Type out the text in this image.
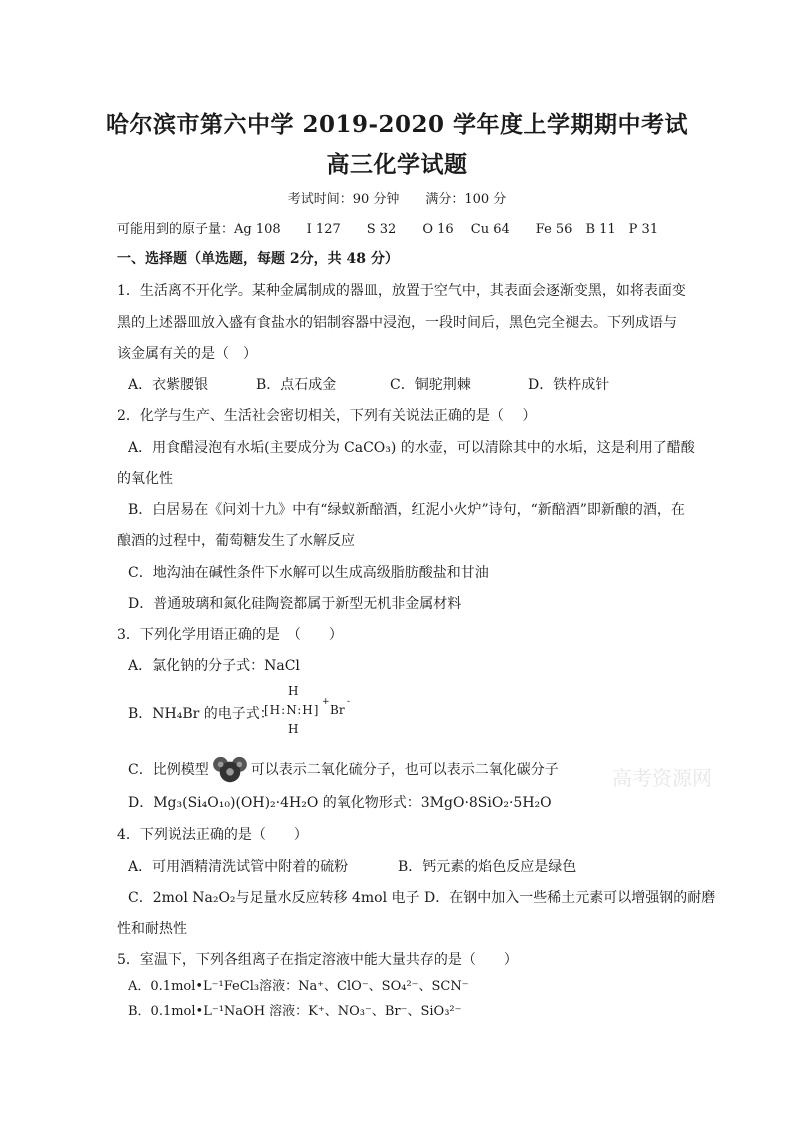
哈尔滨市第六中学 2019-2020 学年度上学期期中考试
高三化学试题
考试时间：90 分钟　　满分：100 分
可能用到的原子量：Ag 108　　I 127　　S 32　　O 16　 Cu 64　　Fe 56　B 11　P 31
一、选择题（单选题，每题 2分，共 48 分）
1．生活离不开化学。某种金属制成的器皿，放置于空气中，其表面会逐渐变黑，如将表面变
黑的上述器皿放入盛有食盐水的铝制容器中浸泡，一段时间后，黑色完全褪去。下列成语与
该金属有关的是（　）
A．衣紫腰银	B．点石成金	C．铜驼荆棘	D．铁杵成针
2．化学与生产、生活社会密切相关，下列有关说法正确的是（　 ）
A．用食醋浸泡有水垢(主要成分为 CaCO₃) 的水壶，可以清除其中的水垢，这是利用了醋酸
的氧化性
B．白居易在《问刘十九》中有“绿蚁新醅酒，红泥小火炉”诗句，“新醅酒”即新酿的酒，在
酿酒的过程中，葡萄糖发生了水解反应
C．地沟油在碱性条件下水解可以生成高级脂肪酸盐和甘油
D．普通玻璃和氮化硅陶瓷都属于新型无机非金属材料
3．下列化学用语正确的是　（　　）
A．氯化钠的分子式：NaCl
B．NH₄Br 的电子式：
H
[H:N:H]
+
Br
-
H
C．比例模型	可以表示二氧化硫分子，也可以表示二氧化碳分子
D．Mg₃(Si₄O₁₀)(OH)₂·4H₂O 的氧化物形式：3MgO·8SiO₂·5H₂O
4．下列说法正确的是（　　）
A．可用酒精清洗试管中附着的硫粉	B．钙元素的焰色反应是绿色
C．2mol Na₂O₂与足量水反应转移 4mol 电子 D．在钢中加入一些稀土元素可以增强钢的耐磨
性和耐热性
5．室温下，下列各组离子在指定溶液中能大量共存的是（　　）
A．0.1mol•L⁻¹FeCl₃溶液：Na⁺、ClO⁻、SO₄²⁻、SCN⁻
B．0.1mol•L⁻¹NaOH 溶液：K⁺、NO₃⁻、Br⁻、SiO₃²⁻
高考资源网
